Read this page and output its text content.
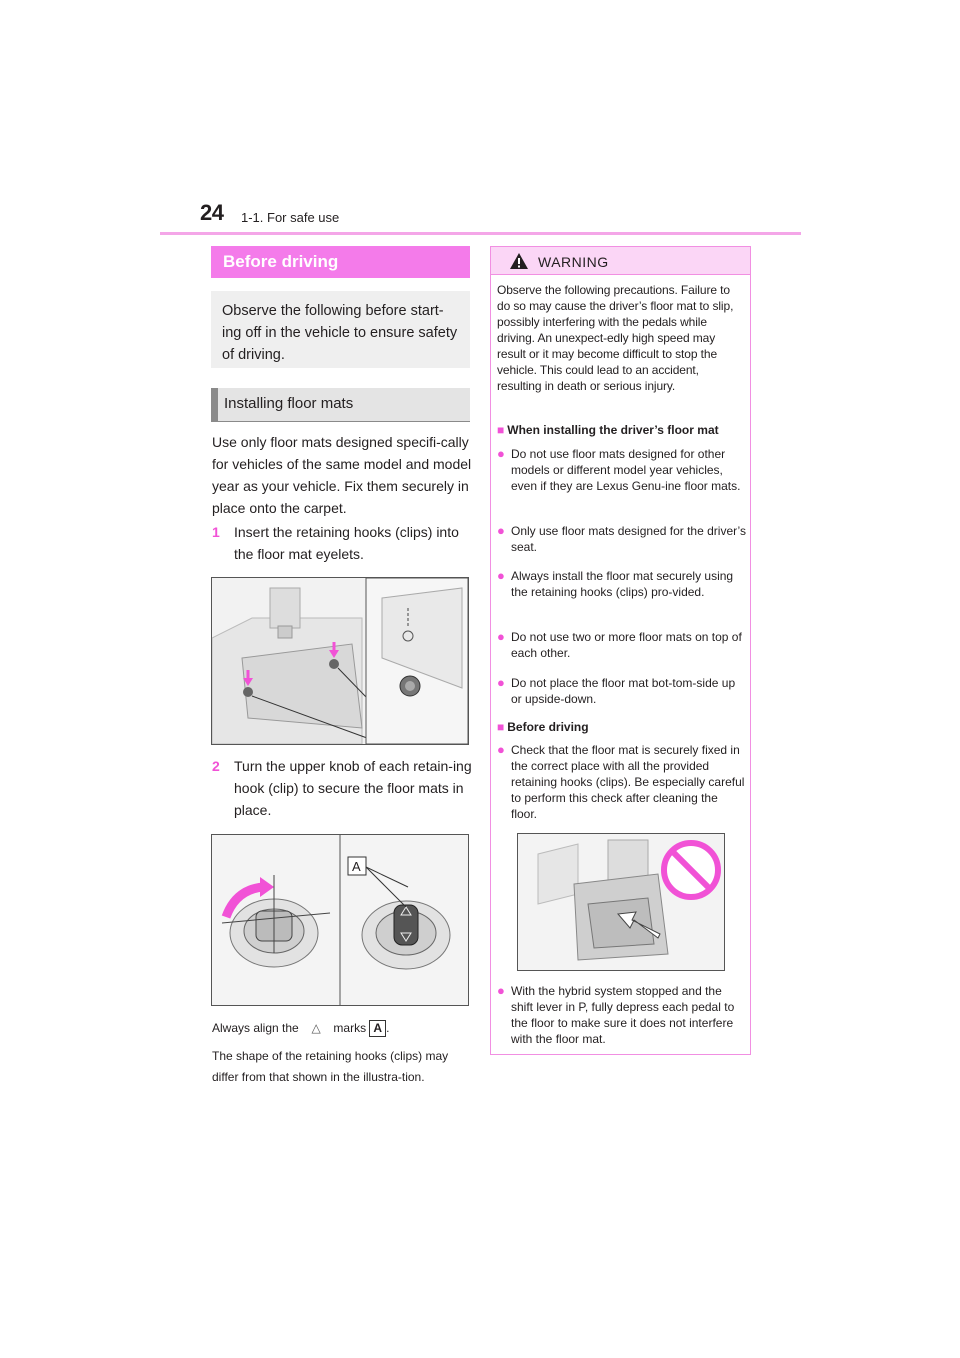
24 1-1. For safe use
Before driving
Observe the following before start-ing off in the vehicle to ensure safety of driving.
Installing floor mats
Use only floor mats designed specifi-cally for vehicles of the same model and model year as your vehicle. Fix them securely in place onto the carpet.
1	Insert the retaining hooks (clips) into the floor mat eyelets.
2	Turn the upper knob of each retain-ing hook (clip) to secure the floor mats in place.
A
Always align the △ marks A .
The shape of the retaining hooks (clips) may differ from that shown in the illustra-tion.
WARNING
Observe the following precautions. Failure to do so may cause the driver’s floor mat to slip, possibly interfering with the pedals while driving. An unexpect-edly high speed may result or it may become difficult to stop the vehicle. This could lead to an accident, resulting in death or serious injury.
■ When installing the driver’s floor mat
● Do not use floor mats designed for other models or different model year vehicles, even if they are Lexus Genu-ine floor mats.
● Only use floor mats designed for the driver’s seat.
● Always install the floor mat securely using the retaining hooks (clips) pro-vided.
● Do not use two or more floor mats on top of each other.
● Do not place the floor mat bot-tom-side up or upside-down.
■ Before driving
● Check that the floor mat is securely fixed in the correct place with all the provided retaining hooks (clips). Be especially careful to perform this check after cleaning the floor.
● With the hybrid system stopped and the shift lever in P, fully depress each pedal to the floor to make sure it does not interfere with the floor mat.
